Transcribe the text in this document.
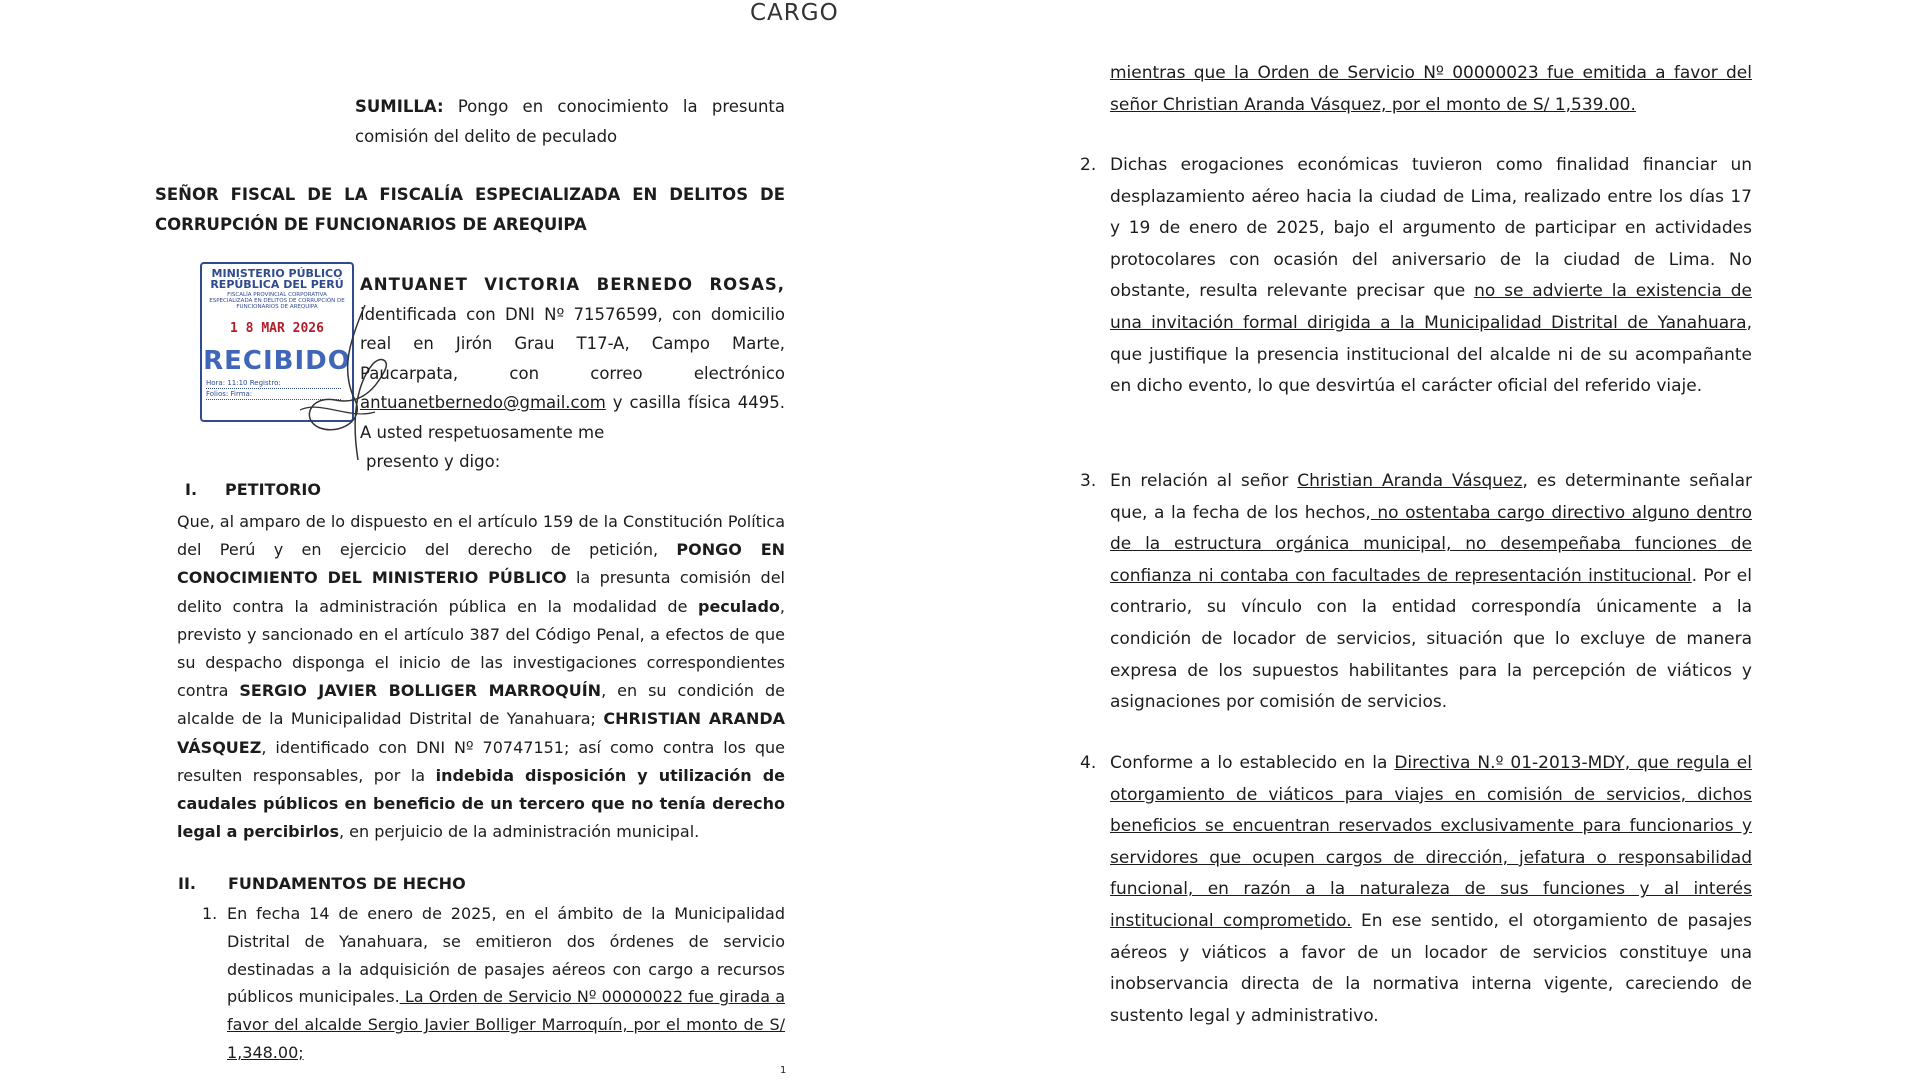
CARGO
SUMILLA: Pongo en conocimiento la presunta comisión del delito de peculado
SEÑOR FISCAL DE LA FISCALÍA ESPECIALIZADA EN DELITOS DE CORRUPCIÓN DE FUNCIONARIOS DE AREQUIPA
MINISTERIO PÚBLICO
REPÚBLICA DEL PERÚ
FISCALÍA PROVINCIAL CORPORATIVA ESPECIALIZADA EN DELITOS DE CORRUPCIÓN DE FUNCIONARIOS DE AREQUIPA
1 8 MAR 2026
RECIBIDO
Hora: 11:10 Registro:
Folios: Firma:
ANTUANET VICTORIA BERNEDO ROSAS, identificada con DNI Nº 71576599, con domicilio real en Jirón Grau T17-A, Campo Marte, Paucarpata, con correo electrónico antuanetbernedo@gmail.com y casilla física 4495. A usted respetuosamente me
presento y digo:
I. PETITORIO
Que, al amparo de lo dispuesto en el artículo 159 de la Constitución Política del Perú y en ejercicio del derecho de petición, PONGO EN CONOCIMIENTO DEL MINISTERIO PÚBLICO la presunta comisión del delito contra la administración pública en la modalidad de peculado, previsto y sancionado en el artículo 387 del Código Penal, a efectos de que su despacho disponga el inicio de las investigaciones correspondientes contra SERGIO JAVIER BOLLIGER MARROQUÍN, en su condición de alcalde de la Municipalidad Distrital de Yanahuara; CHRISTIAN ARANDA VÁSQUEZ, identificado con DNI Nº 70747151; así como contra los que resulten responsables, por la indebida disposición y utilización de caudales públicos en beneficio de un tercero que no tenía derecho legal a percibirlos, en perjuicio de la administración municipal.
II. FUNDAMENTOS DE HECHO
1. En fecha 14 de enero de 2025, en el ámbito de la Municipalidad Distrital de Yanahuara, se emitieron dos órdenes de servicio destinadas a la adquisición de pasajes aéreos con cargo a recursos públicos municipales. La Orden de Servicio Nº 00000022 fue girada a favor del alcalde Sergio Javier Bolliger Marroquín, por el monto de S/ 1,348.00;
1
mientras que la Orden de Servicio Nº 00000023 fue emitida a favor del señor Christian Aranda Vásquez, por el monto de S/ 1,539.00.
2. Dichas erogaciones económicas tuvieron como finalidad financiar un desplazamiento aéreo hacia la ciudad de Lima, realizado entre los días 17 y 19 de enero de 2025, bajo el argumento de participar en actividades protocolares con ocasión del aniversario de la ciudad de Lima. No obstante, resulta relevante precisar que no se advierte la existencia de una invitación formal dirigida a la Municipalidad Distrital de Yanahuara, que justifique la presencia institucional del alcalde ni de su acompañante en dicho evento, lo que desvirtúa el carácter oficial del referido viaje.
3. En relación al señor Christian Aranda Vásquez, es determinante señalar que, a la fecha de los hechos, no ostentaba cargo directivo alguno dentro de la estructura orgánica municipal, no desempeñaba funciones de confianza ni contaba con facultades de representación institucional. Por el contrario, su vínculo con la entidad correspondía únicamente a la condición de locador de servicios, situación que lo excluye de manera expresa de los supuestos habilitantes para la percepción de viáticos y asignaciones por comisión de servicios.
4. Conforme a lo establecido en la Directiva N.º 01-2013-MDY, que regula el otorgamiento de viáticos para viajes en comisión de servicios, dichos beneficios se encuentran reservados exclusivamente para funcionarios y servidores que ocupen cargos de dirección, jefatura o responsabilidad funcional, en razón a la naturaleza de sus funciones y al interés institucional comprometido. En ese sentido, el otorgamiento de pasajes aéreos y viáticos a favor de un locador de servicios constituye una inobservancia directa de la normativa interna vigente, careciendo de sustento legal y administrativo.
